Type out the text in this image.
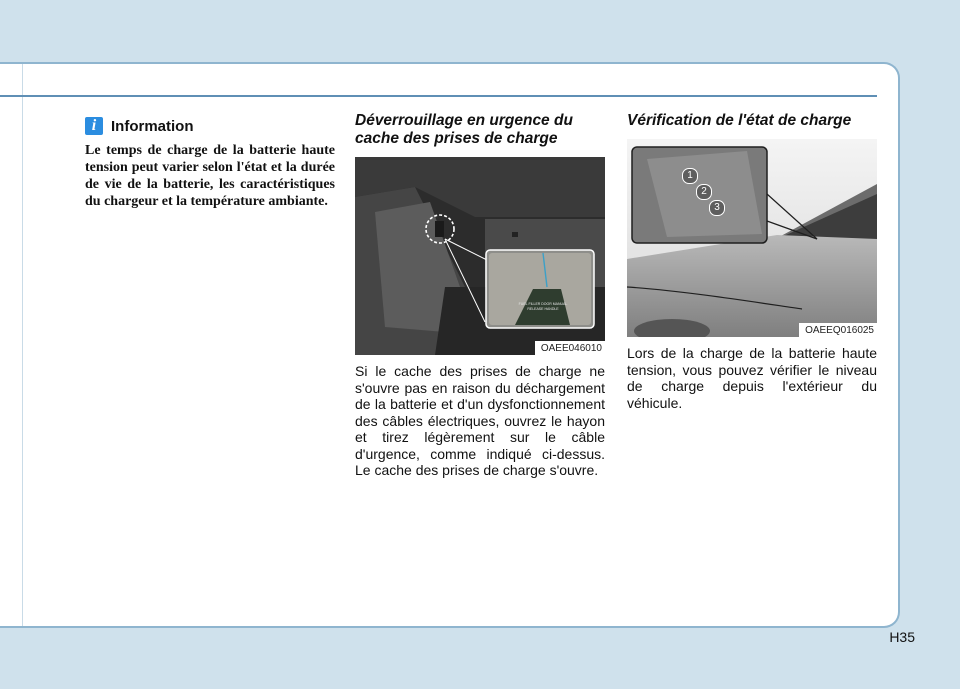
i Information

Le temps de charge de la batterie haute tension peut varier selon l'état et la durée de vie de la batterie, les caractéristiques du chargeur et la température ambiante.

Déverrouillage en urgence du cache des prises de charge
FUEL FILLER DOOR MANUAL RELEASE HANDLE
OAEE046010

Si le cache des prises de charge ne s'ouvre pas en raison du déchargement de la batterie et d'un dysfonctionnement des câbles électriques, ouvrez le hayon et tirez légèrement sur le câble d'urgence, comme indiqué ci-dessus. Le cache des prises de charge s'ouvre.

Vérification de l'état de charge
1
2
3
OAEEQ016025

Lors de la charge de la batterie haute tension, vous pouvez vérifier le niveau de charge depuis l'extérieur du véhicule.

H35
